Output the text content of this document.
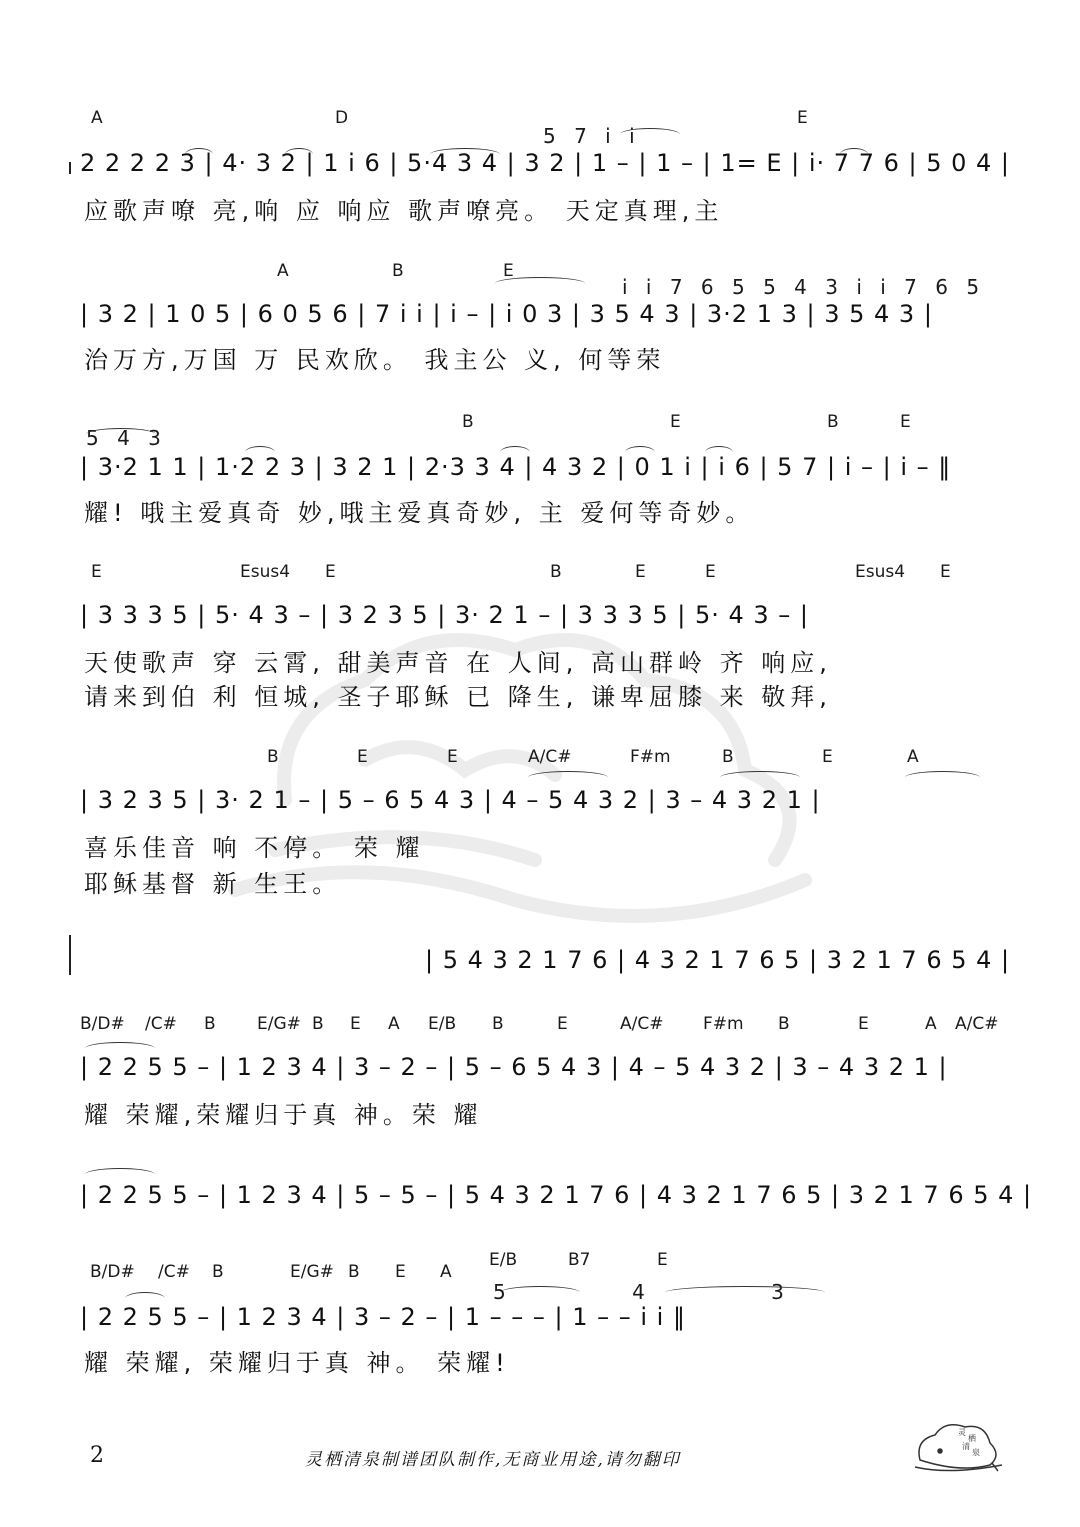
A	D	E
5 7 i i
2 2 2 2 3 | 4· 3 2 | 1 i 6 | 5·4 3 4 | 3 2 | 1 – | 1 – | 1= E | i· 7 7 6 | 5 0 4 |
应歌声嘹 亮,响 应 响应 歌声嘹亮。 天定真理,主
A	B	E
i i 7 6 5 5 4 3 i i 7 6 5
| 3 2 | 1 0 5 | 6 0 5 6 | 7 i i | i – | i 0 3 | 3 5 4 3 | 3·2 1 3 | 3 5 4 3 |
治万方,万国 万 民欢欣。 我主公 义, 何等荣
5 4 3
B	E	B	E
| 3·2 1 1 | 1·2 2 3 | 3 2 1 | 2·3 3 4 | 4 3 2 | 0 1 i | i 6 | 5 7 | i – | i – ‖
耀! 哦主爱真奇 妙,哦主爱真奇妙, 主 爱何等奇妙。
E	Esus4 E	B	E	E	Esus4 E
| 3 3 3 5 | 5· 4 3 – | 3 2 3 5 | 3· 2 1 – | 3 3 3 5 | 5· 4 3 – |
天使歌声 穿 云霄, 甜美声音 在 人间, 高山群岭 齐 响应,
请来到伯 利 恒城, 圣子耶稣 已 降生, 谦卑屈膝 来 敬拜,
B	E	E	A/C#	F#m	B	E	A
| 3 2 3 5 | 3· 2 1 – | 5 – 6 5 4 3 | 4 – 5 4 3 2 | 3 – 4 3 2 1 |
喜乐佳音 响 不停。 荣 耀
耶稣基督 新 生王。
| 5 4 3 2 1 7 6 | 4 3 2 1 7 6 5 | 3 2 1 7 6 5 4 |
B/D# /C# B E/G# B E A E/B B	E	A/C# F#m B	E	A A/C#
| 2 2 5 5 – | 1 2 3 4 | 3 – 2 – | 5 – 6 5 4 3 | 4 – 5 4 3 2 | 3 – 4 3 2 1 |
耀 荣耀,荣耀归于真 神。荣 耀
| 2 2 5 5 – | 1 2 3 4 | 5 – 5 – | 5 4 3 2 1 7 6 | 4 3 2 1 7 6 5 | 3 2 1 7 6 5 4 |
B/D# /C# B	E/G# B E A
E/B	B7	E
5 4 3
| 2 2 5 5 – | 1 2 3 4 | 3 – 2 – | 1 – – – | 1 – – i i ‖
耀 荣耀, 荣耀归于真 神。 荣耀!
2	灵栖清泉制谱团队制作,无商业用途,请勿翻印
灵
栖
清
泉
